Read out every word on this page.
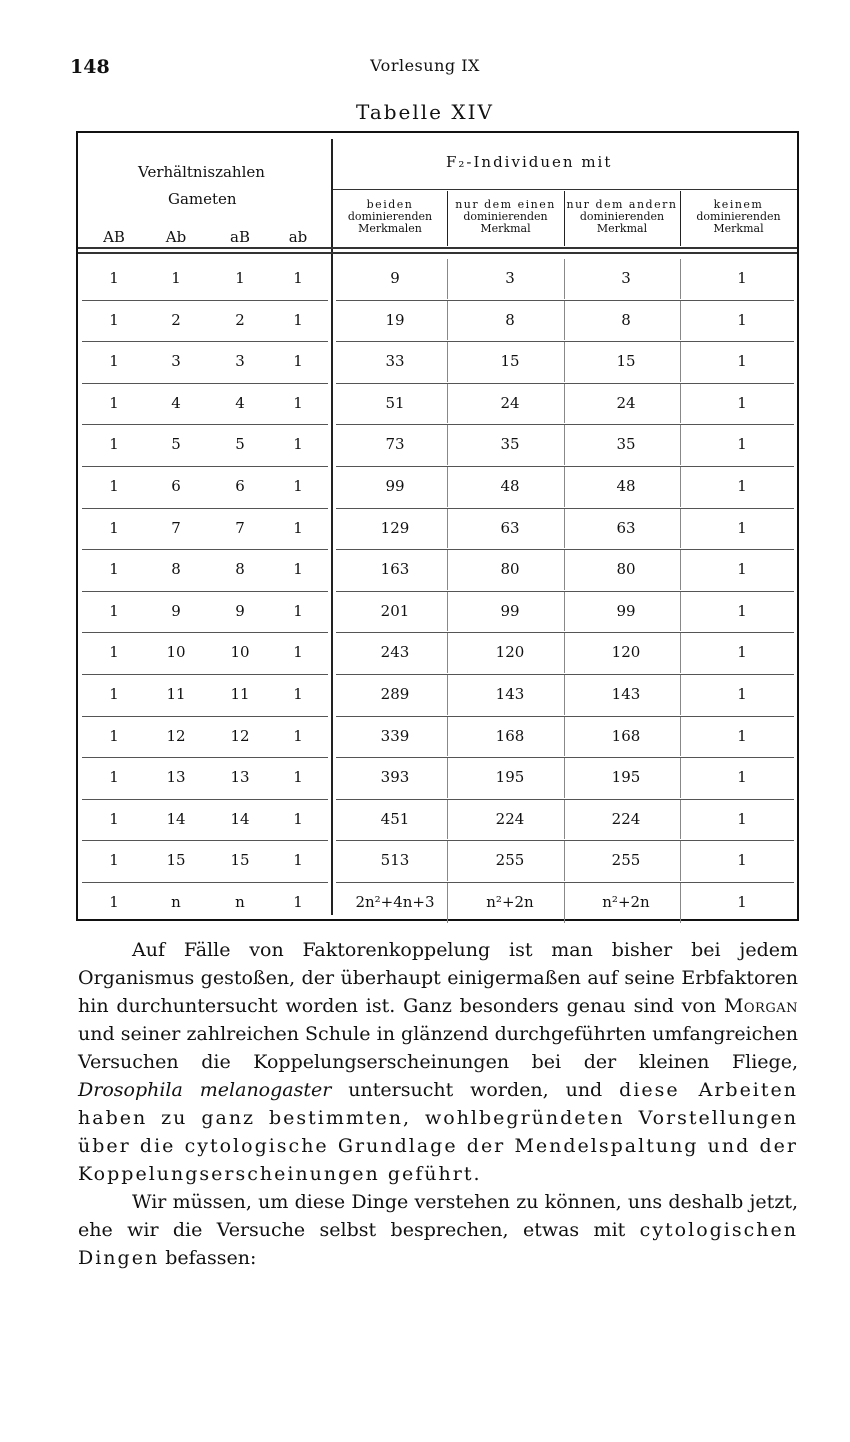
148	Vorlesung IX
Tabelle XIV
Verhältniszahlen
Gameten
F₂-Individuen mit
AB	Ab	aB	ab
beiden
dominierenden
Merkmalen
nur dem einen
dominierenden
Merkmal
nur dem andern
dominierenden
Merkmal
keinem
dominierenden
Merkmal
1	1	1	1	9	3	3	1
1	2	2	1	19	8	8	1
1	3	3	1	33	15	15	1
1	4	4	1	51	24	24	1
1	5	5	1	73	35	35	1
1	6	6	1	99	48	48	1
1	7	7	1	129	63	63	1
1	8	8	1	163	80	80	1
1	9	9	1	201	99	99	1
1	10	10	1	243	120	120	1
1	11	11	1	289	143	143	1
1	12	12	1	339	168	168	1
1	13	13	1	393	195	195	1
1	14	14	1	451	224	224	1
1	15	15	1	513	255	255	1
1	n	n	1	2n²+4n+3	n²+2n	n²+2n	1

Auf Fälle von Faktorenkoppelung ist man bisher bei jedem Organismus gestoßen, der überhaupt einigermaßen auf seine Erbfaktoren hin durchuntersucht worden ist. Ganz besonders genau sind von Morgan und seiner zahlreichen Schule in glänzend durchgeführten umfangreichen Versuchen die Koppelungserscheinungen bei der kleinen Fliege, Drosophila melanogaster untersucht worden, und diese Arbeiten haben zu ganz bestimmten, wohlbegründeten Vorstellungen über die cytologische Grundlage der Mendelspaltung und der Koppelungserscheinungen geführt.

Wir müssen, um diese Dinge verstehen zu können, uns deshalb jetzt, ehe wir die Versuche selbst besprechen, etwas mit cytologischen Dingen befassen:
